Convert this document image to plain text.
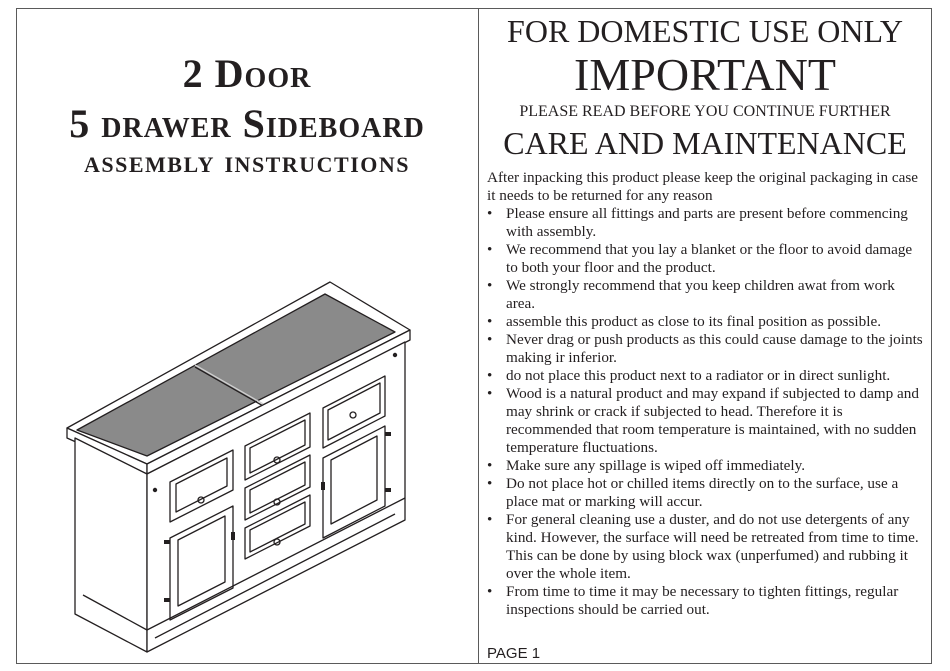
2 Door
5 drawer Sideboard
assembly instructions
FOR DOMESTIC USE ONLY
IMPORTANT
PLEASE READ BEFORE YOU CONTINUE FURTHER
CARE AND MAINTENANCE

After inpacking this product please keep the original packaging in case it needs to be returned for any reason

• Please ensure all fittings and parts are present before commencing with assembly.
• We recommend that you lay a blanket or the floor to avoid damage to both your floor and the product.
• We strongly recommend that you keep children awat from work area.
• assemble this product as close to its final position as possible.
• Never drag or push products as this could cause damage to the joints making ir inferior.
• do not place this product next to a radiator or in direct sunlight.
• Wood is a natural product and may expand if subjected to damp and may shrink or crack if subjected to head. Therefore it is recommended that room temperature is maintained, with no sudden temperature fluctuations.
• Make sure any spillage is wiped off immediately.
• Do not place hot or chilled items directly on to the surface, use a place mat or marking will accur.
• For general cleaning use a duster, and do not use detergents of any kind. However, the surface will need be retreated from time to time. This can be done by using block wax (unperfumed) and rubbing it over the whole item.
• From time to time it may be necessary to tighten fittings, regular inspections should be carried out.
PAGE 1
